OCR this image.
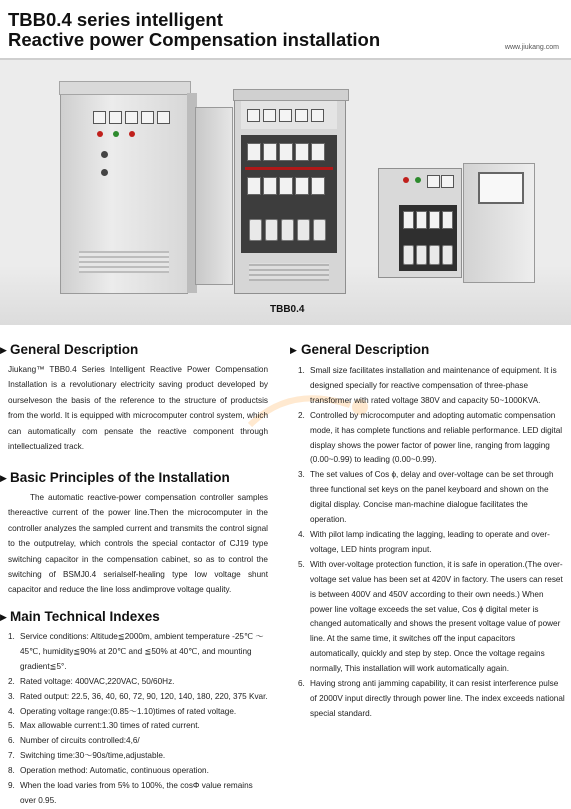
TBB0.4 series intelligent
Reactive power Compensation installation	www.jiukang.com
TBB0.4
▶ General Description
Jiukang™ TBB0.4 Series Intelligent Reactive Power Compensation Installation is a revolutionary electricity saving product developed by ourselveson the basis of the reference to the structure of productsis from the world. It is equipped with microcomputer control system, which can automatically com pensate the reactive component through intellectualized track.
▶ Basic Principles of the Installation
The automatic reactive-power compensation controller samples thereactive current of the power line.Then the microcomputer in the controller analyzes the sampled current and transmits the control signal to the outputrelay, which controls the special contactor of CJ19 type switching capacitor in the compensation cabinet, so as to control the switching of BSMJ0.4 serialself-healing type low voltage shunt capacitor and reduce the line loss andimprove voltage quality.
▶ Main Technical Indexes
1. Service conditions: Altitude≦2000m, ambient temperature -25℃ ～45℃, humidity≦90% at 20℃ and ≦50% at 40℃, and mounting gradient≦5°.
2. Rated voltage: 400VAC,220VAC, 50/60Hz.
3. Rated output: 22.5, 36, 40, 60, 72, 90, 120, 140, 180, 220, 375 Kvar.
4. Operating voltage range:(0.85～1.10)times of rated voltage.
5. Max allowable current:1.30 times of rated current.
6. Number of circuits controlled:4,6/
7. Switching time:30～90s/time,adjustable.
8. Operation method: Automatic, continuous operation.
9. When the load varies from 5% to 100%, the cosΦ value remains over 0.95.
▶ General Description
1. Small size facilitates installation and maintenance of equipment. It is designed specially for reactive compensation of three-phase transformer with rated voltage 380V and capacity 50~1000KVA.
2. Controlled by microcomputer and adopting automatic compensation mode, it has complete functions and reliable performance. LED digital display shows the power factor of power line, ranging from lagging (0.00~0.99) to leading (0.00~0.99).
3. The set values of Cos ϕ, delay and over-voltage can be set through three functional set keys on the panel keyboard and shown on the digital display. Concise man-machine dialogue facilitates the operation.
4. With pilot lamp indicating the lagging, leading to operate and over-voltage, LED hints program input.
5. With over-voltage protection function, it is safe in operation.(The over-voltage set value has been set at 420V in factory. The users can reset is between 400V and 450V according to their own needs.) When power line voltage exceeds the set value, Cos ϕ digital meter is changed automatically and shows the present voltage value of power line. At the same time, it switches off the input capacitors automatically, quickly and step by step. Once the voltage regains normally, This installation will work automatically again.
6. Having strong anti jamming capability, it can resist interference pulse of 2000V input directly through power line. The index exceeds national special standard.
